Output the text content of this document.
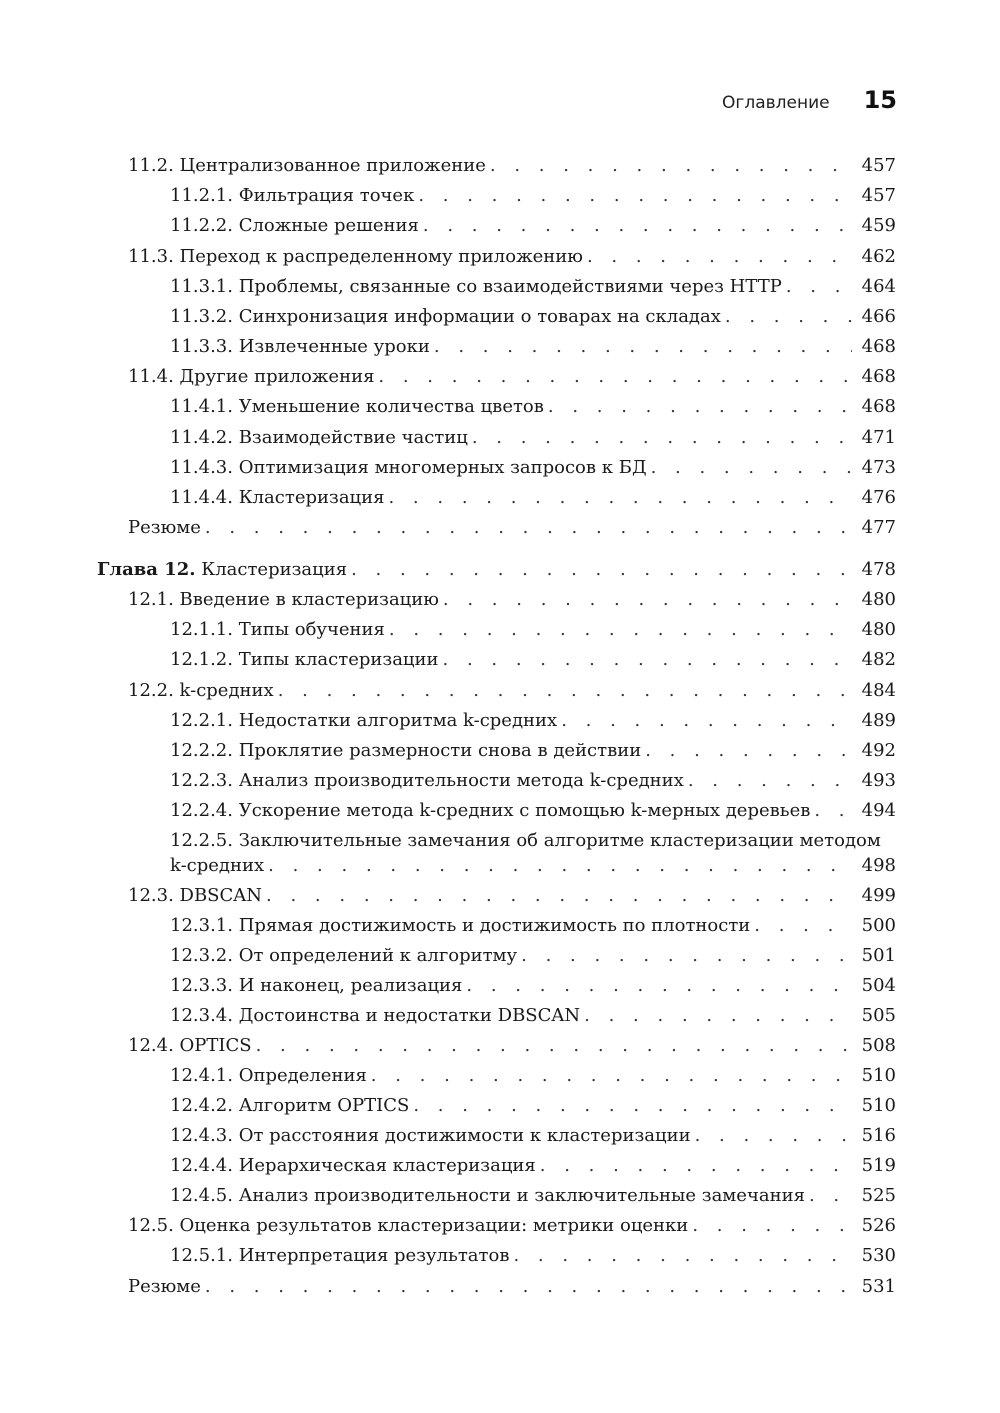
Оглавление 15
11.2. Централизованное приложение . . .	457
11.2.1. Фильтрация точек . . .	457
11.2.2. Сложные решения . . .	459
11.3. Переход к распределенному приложению . . .	462
11.3.1. Проблемы, связанные со взаимодействиями через HTTP . . .	464
11.3.2. Синхронизация информации о товарах на складах . . .	466
11.3.3. Извлеченные уроки . . .	468
11.4. Другие приложения . . .	468
11.4.1. Уменьшение количества цветов . . .	468
11.4.2. Взаимодействие частиц . . .	471
11.4.3. Оптимизация многомерных запросов к БД . . .	473
11.4.4. Кластеризация . . .	476
Резюме . . .	477
Глава 12. Кластеризация . . .	478
12.1. Введение в кластеризацию . . .	480
12.1.1. Типы обучения . . .	480
12.1.2. Типы кластеризации . . .	482
12.2. k-средних . . .	484
12.2.1. Недостатки алгоритма k-средних . . .	489
12.2.2. Проклятие размерности снова в действии . . .	492
12.2.3. Анализ производительности метода k-средних . . .	493
12.2.4. Ускорение метода k-средних с помощью k-мерных деревьев . . .	494
12.2.5. Заключительные замечания об алгоритме кластеризации методом
k-средних . . .	498
12.3. DBSCAN . . .	499
12.3.1. Прямая достижимость и достижимость по плотности . . .	500
12.3.2. От определений к алгоритму . . .	501
12.3.3. И наконец, реализация . . .	504
12.3.4. Достоинства и недостатки DBSCAN . . .	505
12.4. OPTICS . . .	508
12.4.1. Определения . . .	510
12.4.2. Алгоритм OPTICS . . .	510
12.4.3. От расстояния достижимости к кластеризации . . .	516
12.4.4. Иерархическая кластеризация . . .	519
12.4.5. Анализ производительности и заключительные замечания . . .	525
12.5. Оценка результатов кластеризации: метрики оценки . . .	526
12.5.1. Интерпретация результатов . . .	530
Резюме . . .	531
